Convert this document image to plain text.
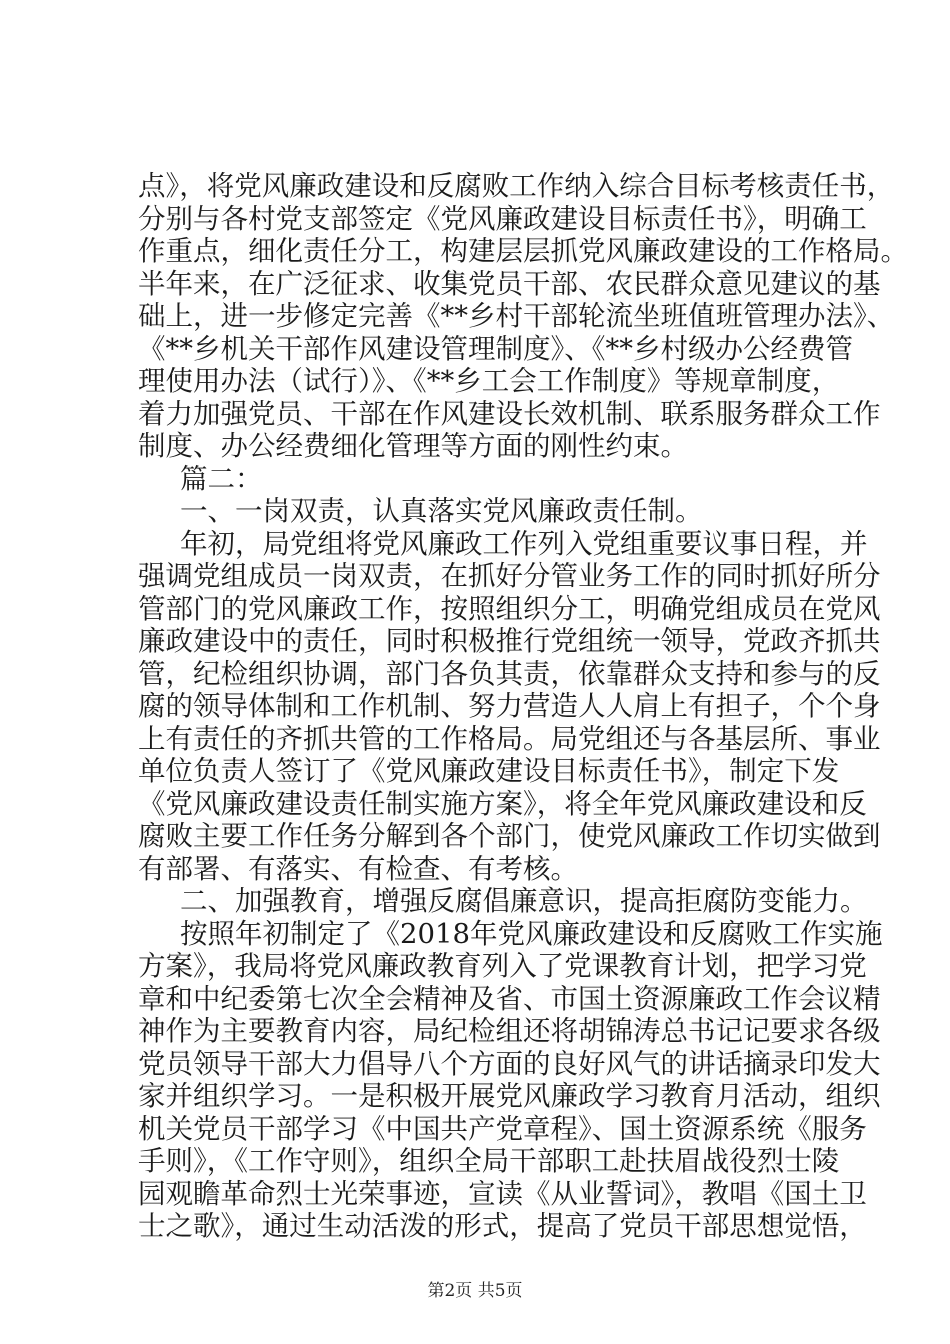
点》，将党风廉政建设和反腐败工作纳入综合目标考核责任书，
分别与各村党支部签定《党风廉政建设目标责任书》，明确工
作重点，细化责任分工，构建层层抓党风廉政建设的工作格局。
半年来，在广泛征求、收集党员干部、农民群众意见建议的基
础上，进一步修定完善《**乡村干部轮流坐班值班管理办法》、
《**乡机关干部作风建设管理制度》、《**乡村级办公经费管
理使用办法（试行）》、《**乡工会工作制度》等规章制度，
着力加强党员、干部在作风建设长效机制、联系服务群众工作
制度、办公经费细化管理等方面的刚性约束。
篇二：
一、一岗双责，认真落实党风廉政责任制。
年初，局党组将党风廉政工作列入党组重要议事日程，并
强调党组成员一岗双责，在抓好分管业务工作的同时抓好所分
管部门的党风廉政工作，按照组织分工，明确党组成员在党风
廉政建设中的责任，同时积极推行党组统一领导，党政齐抓共
管，纪检组织协调，部门各负其责，依靠群众支持和参与的反
腐的领导体制和工作机制、努力营造人人肩上有担子，个个身
上有责任的齐抓共管的工作格局。局党组还与各基层所、事业
单位负责人签订了《党风廉政建设目标责任书》，制定下发
《党风廉政建设责任制实施方案》，将全年党风廉政建设和反
腐败主要工作任务分解到各个部门，使党风廉政工作切实做到
有部署、有落实、有检查、有考核。
二、加强教育，增强反腐倡廉意识，提高拒腐防变能力。
按照年初制定了《2018年党风廉政建设和反腐败工作实施
方案》，我局将党风廉政教育列入了党课教育计划，把学习党
章和中纪委第七次全会精神及省、市国土资源廉政工作会议精
神作为主要教育内容，局纪检组还将胡锦涛总书记记要求各级
党员领导干部大力倡导八个方面的良好风气的讲话摘录印发大
家并组织学习。一是积极开展党风廉政学习教育月活动，组织
机关党员干部学习《中国共产党章程》、国土资源系统《服务
手则》，《工作守则》，组织全局干部职工赴扶眉战役烈士陵
园观瞻革命烈士光荣事迹，宣读《从业誓词》，教唱《国土卫
士之歌》，通过生动活泼的形式，提高了党员干部思想觉悟，
第2页 共5页
